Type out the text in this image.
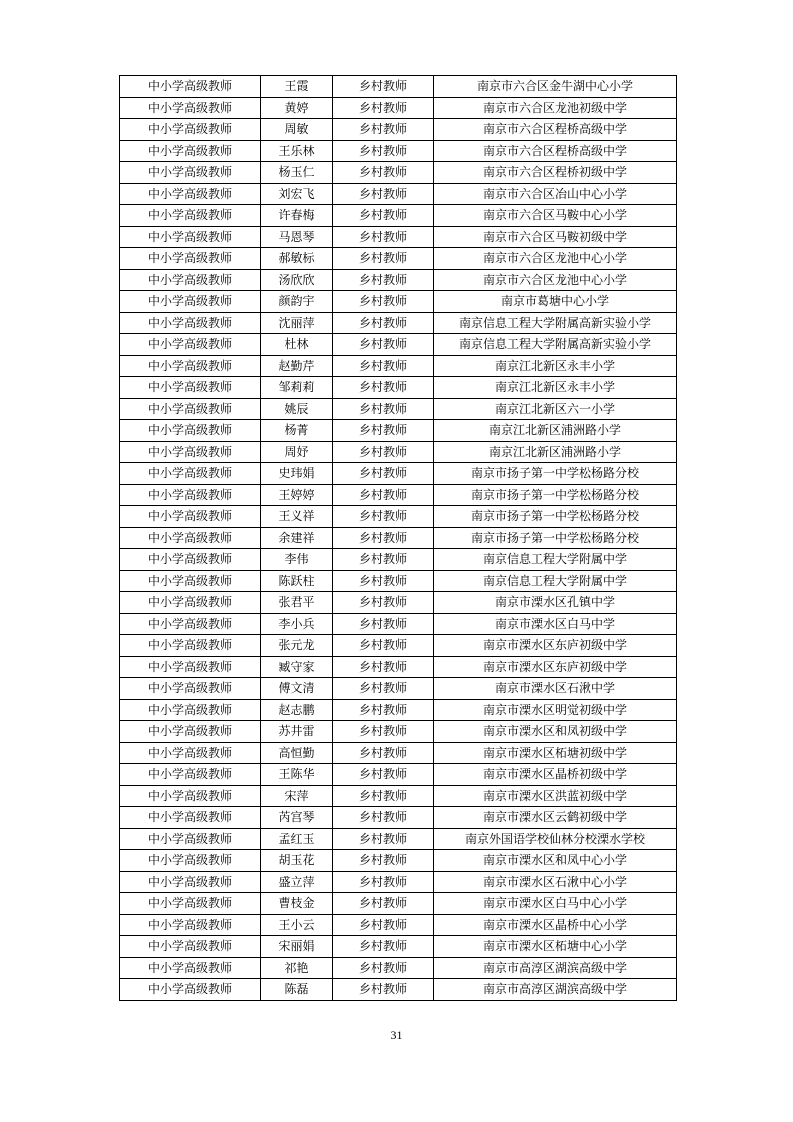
中小学高级教师	王霞	乡村教师	南京市六合区金牛湖中心小学
中小学高级教师	黄婷	乡村教师	南京市六合区龙池初级中学
中小学高级教师	周敏	乡村教师	南京市六合区程桥高级中学
中小学高级教师	王乐林	乡村教师	南京市六合区程桥高级中学
中小学高级教师	杨玉仁	乡村教师	南京市六合区程桥初级中学
中小学高级教师	刘宏飞	乡村教师	南京市六合区冶山中心小学
中小学高级教师	许春梅	乡村教师	南京市六合区马鞍中心小学
中小学高级教师	马恩琴	乡村教师	南京市六合区马鞍初级中学
中小学高级教师	郝敏标	乡村教师	南京市六合区龙池中心小学
中小学高级教师	汤欣欣	乡村教师	南京市六合区龙池中心小学
中小学高级教师	颜韵宇	乡村教师	南京市葛塘中心小学
中小学高级教师	沈丽萍	乡村教师	南京信息工程大学附属高新实验小学
中小学高级教师	杜林	乡村教师	南京信息工程大学附属高新实验小学
中小学高级教师	赵勤芹	乡村教师	南京江北新区永丰小学
中小学高级教师	邹莉莉	乡村教师	南京江北新区永丰小学
中小学高级教师	姚辰	乡村教师	南京江北新区六一小学
中小学高级教师	杨菁	乡村教师	南京江北新区浦洲路小学
中小学高级教师	周妤	乡村教师	南京江北新区浦洲路小学
中小学高级教师	史玮娟	乡村教师	南京市扬子第一中学松杨路分校
中小学高级教师	王婷婷	乡村教师	南京市扬子第一中学松杨路分校
中小学高级教师	王义祥	乡村教师	南京市扬子第一中学松杨路分校
中小学高级教师	余建祥	乡村教师	南京市扬子第一中学松杨路分校
中小学高级教师	李伟	乡村教师	南京信息工程大学附属中学
中小学高级教师	陈跃柱	乡村教师	南京信息工程大学附属中学
中小学高级教师	张君平	乡村教师	南京市溧水区孔镇中学
中小学高级教师	李小兵	乡村教师	南京市溧水区白马中学
中小学高级教师	张元龙	乡村教师	南京市溧水区东庐初级中学
中小学高级教师	臧守家	乡村教师	南京市溧水区东庐初级中学
中小学高级教师	傅文清	乡村教师	南京市溧水区石湫中学
中小学高级教师	赵志鹏	乡村教师	南京市溧水区明觉初级中学
中小学高级教师	苏井雷	乡村教师	南京市溧水区和凤初级中学
中小学高级教师	高恒勤	乡村教师	南京市溧水区柘塘初级中学
中小学高级教师	王陈华	乡村教师	南京市溧水区晶桥初级中学
中小学高级教师	宋萍	乡村教师	南京市溧水区洪蓝初级中学
中小学高级教师	芮宫琴	乡村教师	南京市溧水区云鹤初级中学
中小学高级教师	孟红玉	乡村教师	南京外国语学校仙林分校溧水学校
中小学高级教师	胡玉花	乡村教师	南京市溧水区和凤中心小学
中小学高级教师	盛立萍	乡村教师	南京市溧水区石湫中心小学
中小学高级教师	曹枝金	乡村教师	南京市溧水区白马中心小学
中小学高级教师	王小云	乡村教师	南京市溧水区晶桥中心小学
中小学高级教师	宋丽娟	乡村教师	南京市溧水区柘塘中心小学
中小学高级教师	祁艳	乡村教师	南京市高淳区湖滨高级中学
中小学高级教师	陈磊	乡村教师	南京市高淳区湖滨高级中学
31
